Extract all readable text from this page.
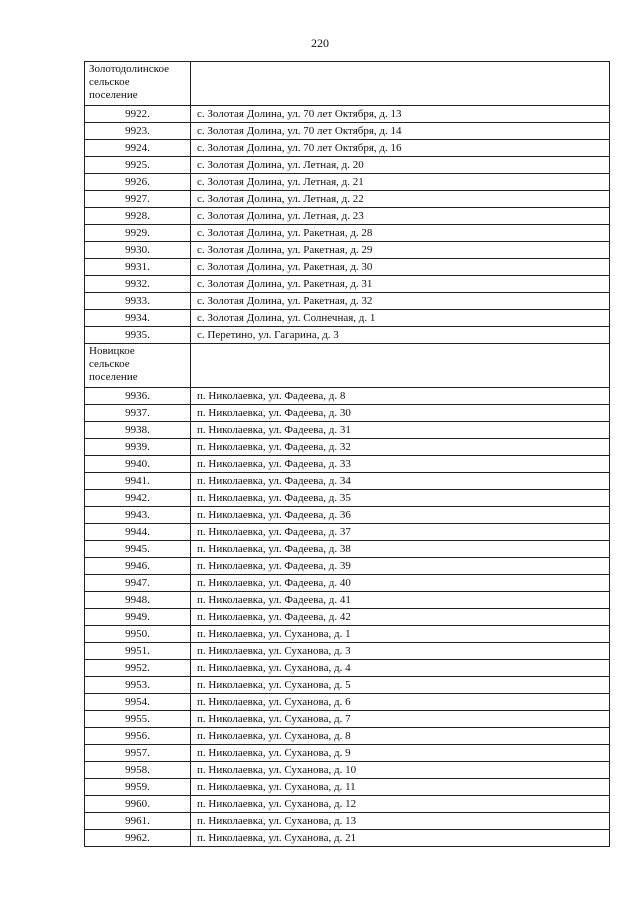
220
Золотодолинское
сельское
поселение	
9922.	с. Золотая Долина, ул. 70 лет Октября, д. 13
9923.	с. Золотая Долина, ул. 70 лет Октября, д. 14
9924.	с. Золотая Долина, ул. 70 лет Октября, д. 16
9925.	с. Золотая Долина, ул. Летная, д. 20
9926.	с. Золотая Долина, ул. Летная, д. 21
9927.	с. Золотая Долина, ул. Летная, д. 22
9928.	с. Золотая Долина, ул. Летная, д. 23
9929.	с. Золотая Долина, ул. Ракетная, д. 28
9930.	с. Золотая Долина, ул. Ракетная, д. 29
9931.	с. Золотая Долина, ул. Ракетная, д. 30
9932.	с. Золотая Долина, ул. Ракетная, д. 31
9933.	с. Золотая Долина, ул. Ракетная, д. 32
9934.	с. Золотая Долина, ул. Солнечная, д. 1
9935.	с. Перетино, ул. Гагарина, д. 3
Новицкое
сельское
поселение	
9936.	п. Николаевка, ул. Фадеева, д. 8
9937.	п. Николаевка, ул. Фадеева, д. 30
9938.	п. Николаевка, ул. Фадеева, д. 31
9939.	п. Николаевка, ул. Фадеева, д. 32
9940.	п. Николаевка, ул. Фадеева, д. 33
9941.	п. Николаевка, ул. Фадеева, д. 34
9942.	п. Николаевка, ул. Фадеева, д. 35
9943.	п. Николаевка, ул. Фадеева, д. 36
9944.	п. Николаевка, ул. Фадеева, д. 37
9945.	п. Николаевка, ул. Фадеева, д. 38
9946.	п. Николаевка, ул. Фадеева, д. 39
9947.	п. Николаевка, ул. Фадеева, д. 40
9948.	п. Николаевка, ул. Фадеева, д. 41
9949.	п. Николаевка, ул. Фадеева, д. 42
9950.	п. Николаевка, ул. Суханова, д. 1
9951.	п. Николаевка, ул. Суханова, д. 3
9952.	п. Николаевка, ул. Суханова, д. 4
9953.	п. Николаевка, ул. Суханова, д. 5
9954.	п. Николаевка, ул. Суханова, д. 6
9955.	п. Николаевка, ул. Суханова, д. 7
9956.	п. Николаевка, ул. Суханова, д. 8
9957.	п. Николаевка, ул. Суханова, д. 9
9958.	п. Николаевка, ул. Суханова, д. 10
9959.	п. Николаевка, ул. Суханова, д. 11
9960.	п. Николаевка, ул. Суханова, д. 12
9961.	п. Николаевка, ул. Суханова, д. 13
9962.	п. Николаевка, ул. Суханова, д. 21
